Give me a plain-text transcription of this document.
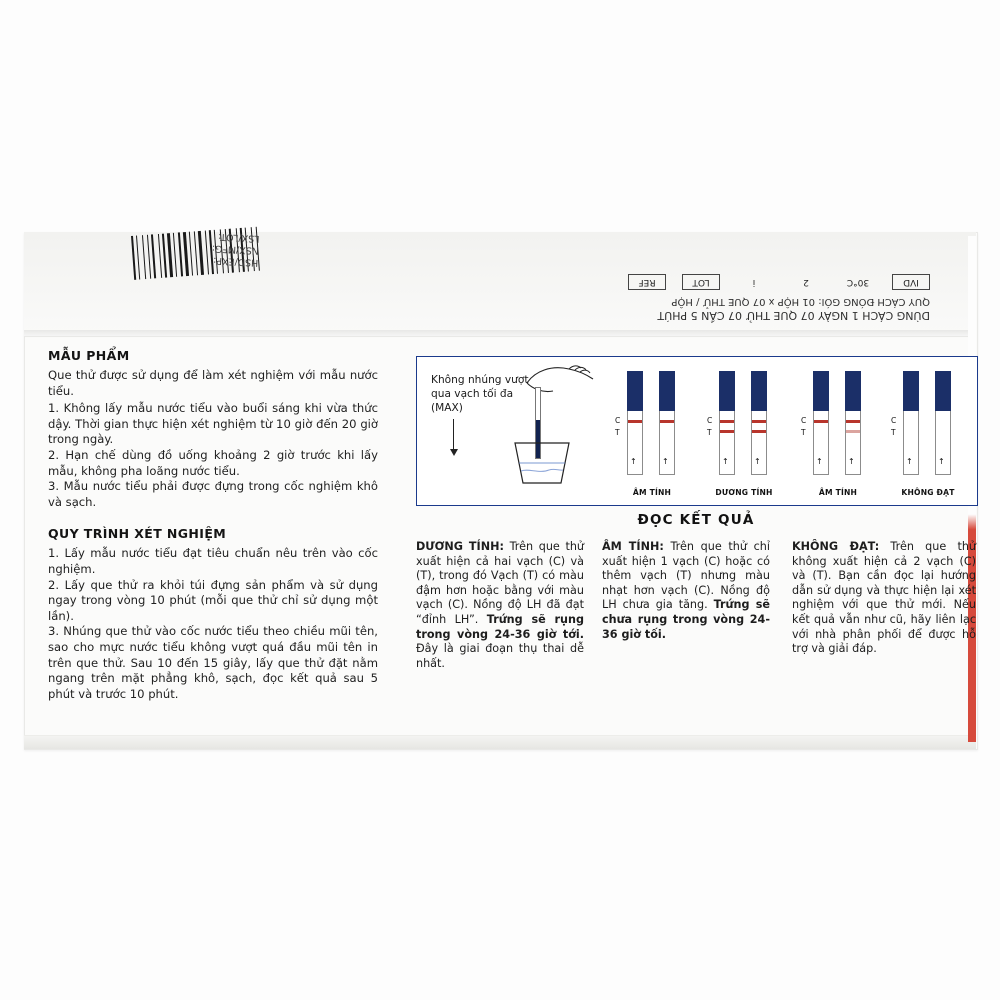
HSD/EXP:
NSX/MFG:
LSX/LOT:
IVD
30°C
2
i
LOT
REF
DÙNG CÁCH 1 NGÀY 07 QUE THỬ 07 CẦN 5 PHÚT
QUY CÁCH ĐÓNG GÓI: 01 HỘP x 07 QUE THỬ / HỘP
MẪU PHẨM

Que thử được sử dụng để làm xét nghiệm với mẫu nước tiểu.

1. Không lấy mẫu nước tiểu vào buổi sáng khi vừa thức dậy. Thời gian thực hiện xét nghiệm từ 10 giờ đến 20 giờ trong ngày.

2. Hạn chế dùng đồ uống khoảng 2 giờ trước khi lấy mẫu, không pha loãng nước tiểu.

3. Mẫu nước tiểu phải được đựng trong cốc nghiệm khô và sạch.

QUY TRÌNH XÉT NGHIỆM

1. Lấy mẫu nước tiểu đạt tiêu chuẩn nêu trên vào cốc nghiệm.

2. Lấy que thử ra khỏi túi đựng sản phẩm và sử dụng ngay trong vòng 10 phút (mỗi que thử chỉ sử dụng một lần).

3. Nhúng que thử vào cốc nước tiểu theo chiều mũi tên, sao cho mực nước tiểu không vượt quá đầu mũi tên in trên que thử. Sau 10 đến 15 giây, lấy que thử đặt nằm ngang trên mặt phẳng khô, sạch, đọc kết quả sau 5 phút và trước 10 phút.

Không nhúng vượt qua vạch tối đa (MAX)
C
T
↑	↑
ÂM TÍNH
C
T
↑	↑
DƯƠNG TÍNH
C
T
↑	↑
ÂM TÍNH
C
T
↑	↑
KHÔNG ĐẠT
ĐỌC KẾT QUẢ
DƯƠNG TÍNH: Trên que thử xuất hiện cả hai vạch (C) và (T), trong đó Vạch (T) có màu đậm hơn hoặc bằng với màu vạch (C). Nồng độ LH đã đạt “đỉnh LH”. Trứng sẽ rụng trong vòng 24-36 giờ tới. Đây là giai đoạn thụ thai dễ nhất.
ÂM TÍNH: Trên que thử chỉ xuất hiện 1 vạch (C) hoặc có thêm vạch (T) nhưng màu nhạt hơn vạch (C). Nồng độ LH chưa gia tăng. Trứng sẽ chưa rụng trong vòng 24-36 giờ tối.
KHÔNG ĐẠT: Trên que thử không xuất hiện cả 2 vạch (C) và (T). Bạn cần đọc lại hướng dẫn sử dụng và thực hiện lại xét nghiệm với que thử mới. Nếu kết quả vẫn như cũ, hãy liên lạc với nhà phân phối để được hỗ trợ và giải đáp.
